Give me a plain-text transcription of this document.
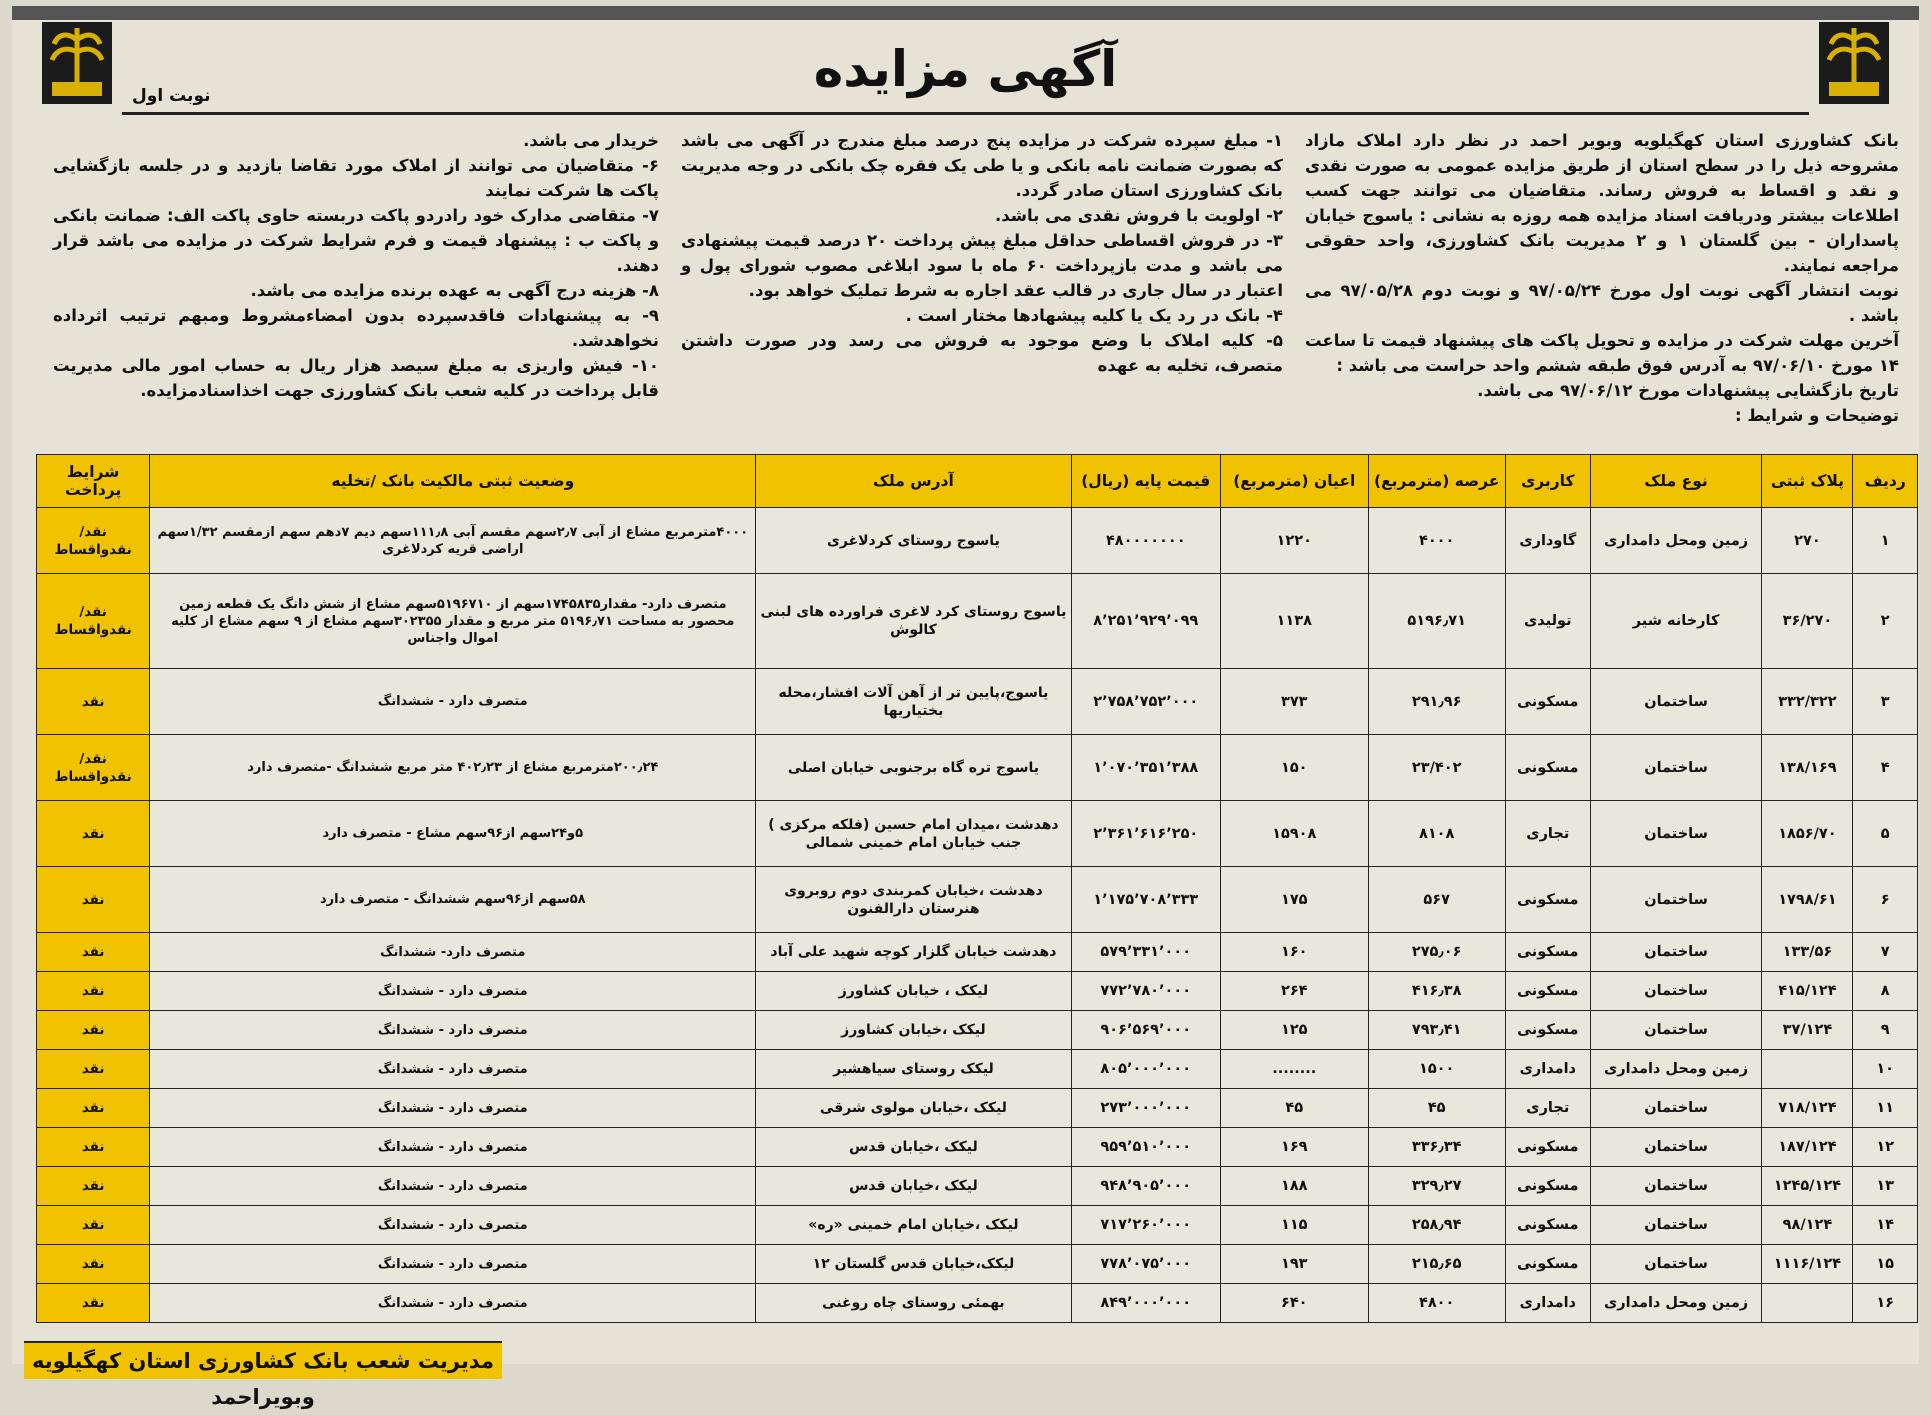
آگهی مزایده
نوبت اول

بانک کشاورزی استان کهگیلویه وبویر احمد در نظر دارد املاک مازاد مشروحه ذیل را در سطح استان از طریق مزایده عمومی به صورت نقدی و نقد و اقساط به فروش رساند. متقاضیان می توانند جهت کسب اطلاعات بیشتر ودریافت اسناد مزایده همه روزه به نشانی : یاسوج خیابان پاسداران - بین گلستان ۱ و ۲ مدیریت بانک کشاورزی، واحد حقوقی مراجعه نمایند.

نوبت انتشار آگهی نوبت اول مورخ ۹۷/۰۵/۲۴ و نوبت دوم ۹۷/۰۵/۲۸ می باشد .

آخرین مهلت شرکت در مزایده و تحویل پاکت های پیشنهاد قیمت تا ساعت ۱۴ مورخ ۹۷/۰۶/۱۰ به آدرس فوق طبقه ششم واحد حراست می باشد :

تاریخ بازگشایی پیشنهادات مورخ ۹۷/۰۶/۱۲ می باشد.

توضیحات و شرایط :

۱- مبلغ سپرده شرکت در مزایده پنج درصد مبلغ مندرج در آگهی می باشد که بصورت ضمانت نامه بانکی و یا طی یک فقره چک بانکی در وجه مدیریت بانک کشاورزی استان صادر گردد.

۲- اولویت با فروش نقدی می باشد.

۳- در فروش اقساطی حداقل مبلغ پیش پرداخت ۲۰ درصد قیمت پیشنهادی می باشد و مدت بازپرداخت ۶۰ ماه با سود ابلاغی مصوب شورای پول و اعتبار در سال جاری در قالب عقد اجاره به شرط تملیک خواهد بود.

۴- بانک در رد یک یا کلیه پیشهادها مختار است .

۵- کلیه املاک با وضع موجود به فروش می رسد ودر صورت داشتن متصرف، تخلیه به عهده

خریدار می باشد.

۶- متقاضیان می توانند از املاک مورد تقاضا بازدید و در جلسه بازگشایی پاکت ها شرکت نمایند

۷- متقاضی مدارک خود رادردو پاکت دربسته حاوی پاکت الف: ضمانت بانکی و پاکت ب : پیشنهاد قیمت و فرم شرایط شرکت در مزایده می باشد قرار دهند.

۸- هزینه درج آگهی به عهده برنده مزایده می باشد.

۹- به پیشنهادات فاقدسپرده بدون امضاءمشروط ومبهم ترتیب اثرداده نخواهدشد.

۱۰- فیش واریزی به مبلغ سیصد هزار ریال به حساب امور مالی مدیریت قابل پرداخت در کلیه شعب بانک کشاورزی جهت اخذاسنادمزایده.

ردیف	پلاک ثبتی	نوع ملک	کاربری	عرصه (مترمربع)	اعیان (مترمربع)	قیمت پایه (ریال)	آدرس ملک	وضعیت ثبتی مالکیت بانک /تخلیه	شرایط پرداخت
۱	۲۷۰	زمین ومحل دامداری	گاوداری	۴۰۰۰	۱۲۲۰	۴۸۰۰۰۰۰۰۰	یاسوج روستای کردلاغری	۴۰۰۰مترمربع مشاع از آبی ۲٫۷سهم مقسم آبی ۱۱۱٫۸سهم دیم ۷دهم سهم ازمقسم ۱/۳۲سهم اراضی قریه کردلاغری	نقد/نقدواقساط
۲	۳۶/۲۷۰	کارخانه شیر	تولیدی	۵۱۹۶٫۷۱	۱۱۳۸	۸٬۲۵۱٬۹۲۹٬۰۹۹	یاسوج روستای کرد لاغری فراورده های لبنی کالوش	متصرف دارد- مقدار۱۷۴۵۸۳۵سهم از ۵۱۹۶۷۱۰سهم مشاع از شش دانگ یک قطعه زمین محصور به مساحت ۵۱۹۶٫۷۱ متر مربع و مقدار ۳۰۲۳۵۵سهم مشاع از ۹ سهم مشاع از کلیه اموال واجناس	نقد/نقدواقساط
۳	۳۳۲/۳۲۲	ساختمان	مسکونی	۲۹۱٫۹۶	۳۷۳	۲٬۷۵۸٬۷۵۲٬۰۰۰	یاسوج،پایین تر از آهن آلات افشار،محله بختیاریها	متصرف دارد - ششدانگ	نقد
۴	۱۳۸/۱۶۹	ساختمان	مسکونی	۲۳/۴۰۲	۱۵۰	۱٬۰۷۰٬۳۵۱٬۳۸۸	یاسوج تره گاه برجنوبی خیابان اصلی	۲۰۰٫۲۴مترمربع مشاع از ۴۰۲٫۲۳ متر مربع ششدانگ -متصرف دارد	نقد/نقدواقساط
۵	۱۸۵۶/۷۰	ساختمان	تجاری	۸۱۰۸	۱۵۹۰۸	۲٬۳۶۱٬۶۱۶٬۲۵۰	دهدشت ،میدان امام حسین (فلکه مرکزی ) جنب خیابان امام خمینی شمالی	۵و۲۴سهم از۹۶سهم مشاع - متصرف دارد	نقد
۶	۱۷۹۸/۶۱	ساختمان	مسکونی	۵۶۷	۱۷۵	۱٬۱۷۵٬۷۰۸٬۳۳۳	دهدشت ،خیابان کمربندی دوم روبروی هنرستان دارالفنون	۵۸سهم از۹۶سهم ششدانگ - متصرف دارد	نقد
۷	۱۳۳/۵۶	ساختمان	مسکونی	۲۷۵٫۰۶	۱۶۰	۵۷۹٬۳۳۱٬۰۰۰	دهدشت خیابان گلزار کوچه شهید علی آباد	متصرف دارد- ششدانگ	نقد
۸	۴۱۵/۱۲۴	ساختمان	مسکونی	۴۱۶٫۳۸	۲۶۴	۷۷۲٬۷۸۰٬۰۰۰	لیکک ، خیابان کشاورز	متصرف دارد - ششدانگ	نقد
۹	۳۷/۱۲۴	ساختمان	مسکونی	۷۹۳٫۴۱	۱۲۵	۹۰۶٬۵۶۹٬۰۰۰	لیکک ،خیابان کشاورز	متصرف دارد - ششدانگ	نقد
۱۰		زمین ومحل دامداری	دامداری	۱۵۰۰	........	۸۰۵٬۰۰۰٬۰۰۰	لیکک روستای سیاهشیر	متصرف دارد - ششدانگ	نقد
۱۱	۷۱۸/۱۲۴	ساختمان	تجاری	۴۵	۴۵	۲۷۳٬۰۰۰٬۰۰۰	لیکک ،خیابان مولوی شرقی	متصرف دارد - ششدانگ	نقد
۱۲	۱۸۷/۱۲۴	ساختمان	مسکونی	۳۳۶٫۳۴	۱۶۹	۹۵۹٬۵۱۰٬۰۰۰	لیکک ،خیابان قدس	متصرف دارد - ششدانگ	نقد
۱۳	۱۲۴۵/۱۲۴	ساختمان	مسکونی	۳۲۹٫۲۷	۱۸۸	۹۴۸٬۹۰۵٬۰۰۰	لیکک ،خیابان قدس	متصرف دارد - ششدانگ	نقد
۱۴	۹۸/۱۲۴	ساختمان	مسکونی	۲۵۸٫۹۴	۱۱۵	۷۱۷٬۲۶۰٬۰۰۰	لیکک ،خیابان امام خمینی «ره»	متصرف دارد - ششدانگ	نقد
۱۵	۱۱۱۶/۱۲۴	ساختمان	مسکونی	۲۱۵٫۶۵	۱۹۳	۷۷۸٬۰۷۵٬۰۰۰	لیکک،خیابان قدس گلستان ۱۲	متصرف دارد - ششدانگ	نقد
۱۶		زمین ومحل دامداری	دامداری	۴۸۰۰	۶۴۰	۸۴۹٬۰۰۰٬۰۰۰	بهمئی روستای چاه روغنی	متصرف دارد - ششدانگ	نقد
مدیریت شعب بانک کشاورزی استان کهگیلویه وبویراحمد
